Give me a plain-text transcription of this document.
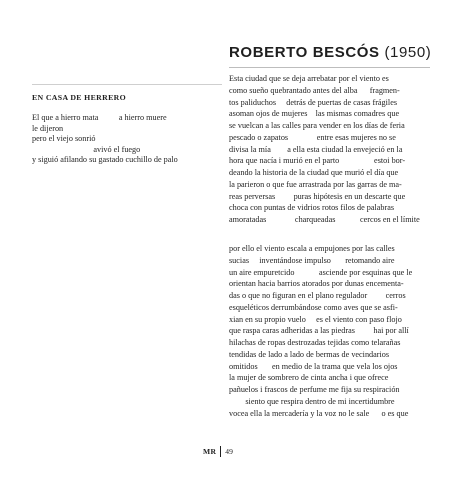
ROBERTO BESCÓS (1950)
EN CASA DE HERRERO
El que a hierro mata          a hierro muere
le dijeron
pero el viejo sonrió
avivó el fuego
y siguió afilando su gastado cuchillo de palo
Esta ciudad que se deja arrebatar por el viento es
como sueño quebrantado antes del alba      fragmen-
tos paliduchos     detrás de puertas de casas frágiles
asoman ojos de mujeres    las mismas comadres que
se vuelcan a las calles para vender en los días de feria
pescado o zapatos              entre esas mujeres no se
divisa la mía        a ella esta ciudad la envejeció en la
hora que nacía i murió en el parto                 estoi bor-
deando la historia de la ciudad que murió el día que
la parieron o que fue arrastrada por las garras de ma-
reas perversas         puras hipótesis en un descarte que
choca con puntas de vidrios rotos filos de palabras
amoratadas              charqueadas            cercos en el límite
por ello el viento escala a empujones por las calles
sucias     inventándose impulso       retomando aire
un aire empuretcido            asciende por esquinas que le
orientan hacia barrios atorados por dunas encementa-
das o que no figuran en el plano regulador         cerros
esqueléticos derrumbándose como aves que se asfi-
xian en su propio vuelo     es el viento con paso flojo
que raspa caras adheridas a las piedras         hai por allí
hilachas de ropas destrozadas tejidas como telarañas
tendidas de lado a lado de bermas de vecindarios
omitidos       en medio de la trama que vela los ojos
la mujer de sombrero de cinta ancha i que ofrece
pañuelos i frascos de perfume me fija su respiración
siento que respira dentro de mi incertidumbre
vocea ella la mercadería y la voz no le sale      o es que
MR 49
